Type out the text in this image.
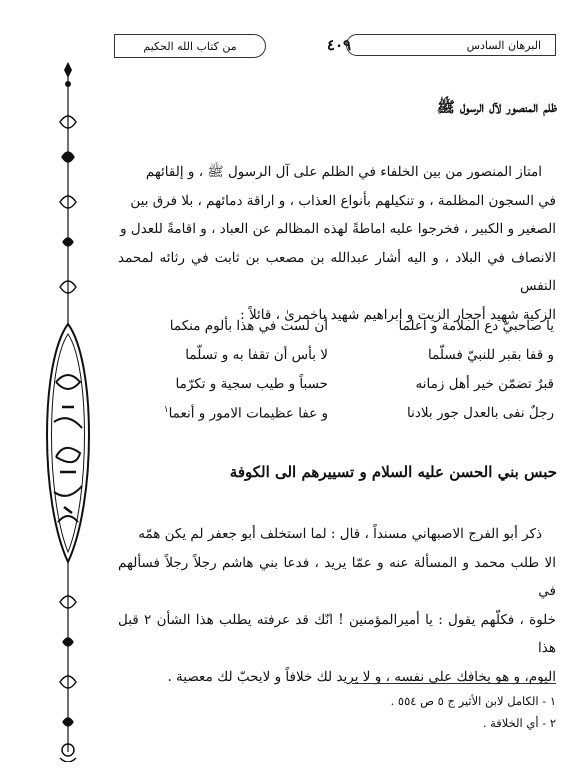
من كتاب الله الحكيم	٤٠٩	البرهان السادس
ظلم المنصور لآل الرسول ﷺ

امتاز المنصور من بين الخلفاء في الظلم على آل الرسول ﷺ ، و إلقائهم

في السجون المظلمة ، و تنكيلهم بأنواع العذاب ، و اراقة دمائهم ، بلا فرق بين

الصغير و الكبير ، فخرجوا عليه اماطةً لهذه المظالم عن العباد ، و اقامةً للعدل و

الانصاف في البلاد ، و اليه أشار عبدالله بن مصعب بن ثابت في رثائه لمحمد النفس

الزكية شهيد أحجار الزيت و ابراهيم شهيد باخمرىٰ ، قائلاً :

يا صاحبيّ دع الملامة و اعلما
أن لست في هذا بألوم منكما
و قفا بقبر للنبيّ فسلّما
لا بأس أن تقفا به و تسلّما
قبرٌ تضمّن خير أهل زمانه
حسباً و طيب سجية و تكرّما
رجلٌ نفى بالعدل جور بلادنا
و عفا عظيمات الامور و أنعما$^١$
حبس بني الحسن عليه السلام و تسييرهم الى الكوفة

ذكر أبو الفرج الاصبهاني مسنداً ، قال : لما استخلف أبو جعفر لم يكن همّه

الا طلب محمد و المسألة عنه و عمّا يريد ، فدعا بني هاشم رجلاً رجلاً فسألهم في

خلوة ، فكلّهم يقول : يا أميرالمؤمنين ! انّك قد عرفته يطلب هذا الشأن ٢ قبل هذا

اليوم، و هو يخافك على نفسه ، و لا يريد لك خلافاً و لايحبّ لك معصية .

١ - الكامل لابن الأثير ج ٥ ص ٥٥٤ .
٢ - أي الخلافة .
